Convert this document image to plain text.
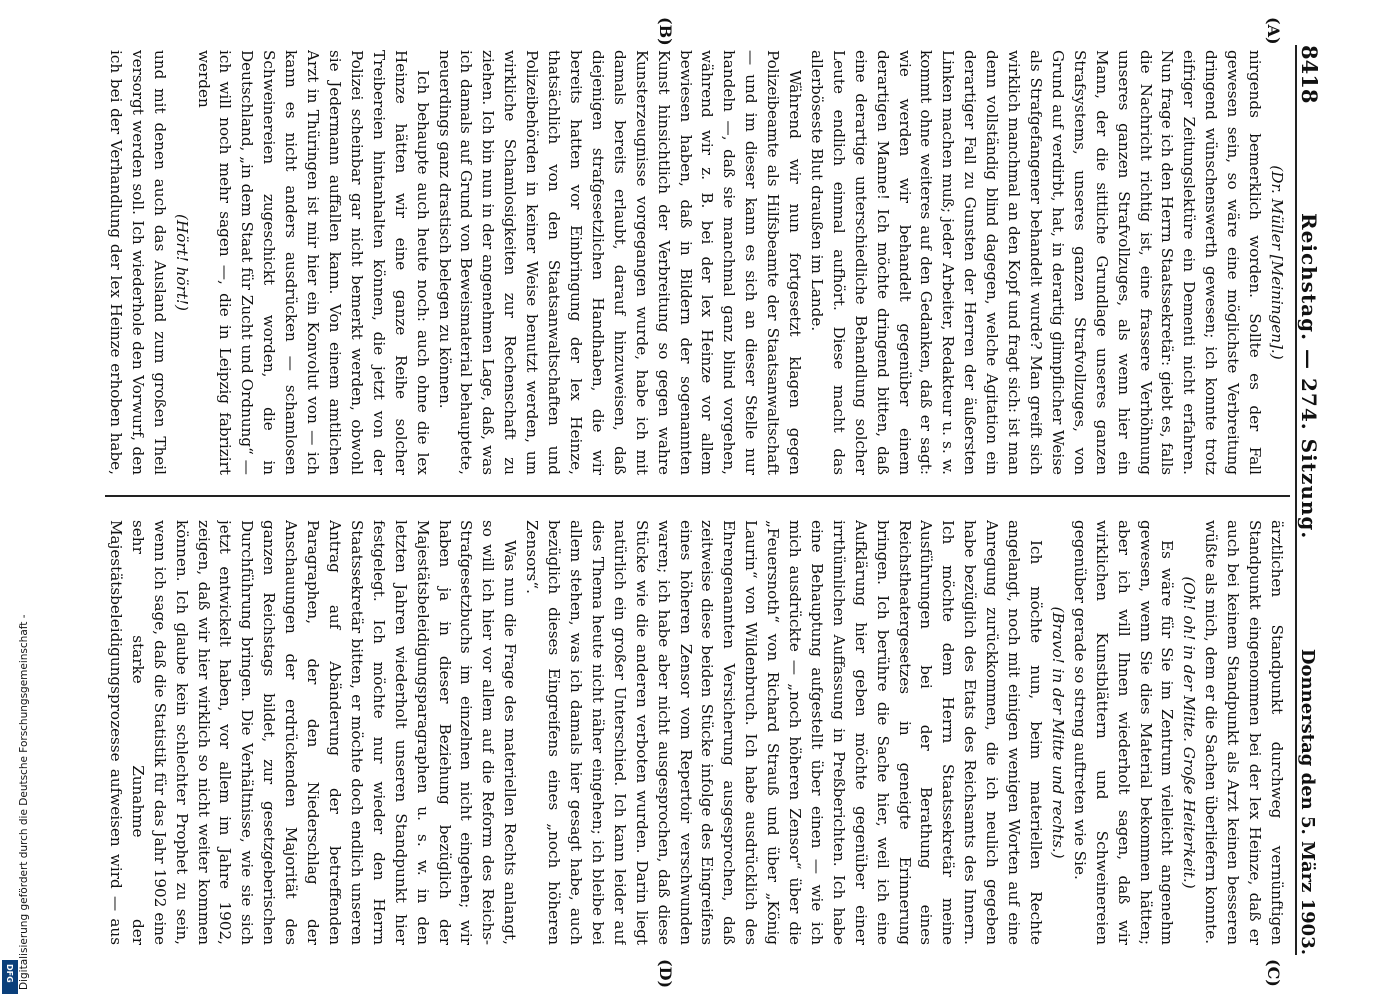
Digitalisierung gefördert durch die Deutsche Forschungsgemeinschaft -
DFG
8418
Reichstag. — 274. Sitzung.
Donnerstag den 5. März 1903.
(A)
(B)
(C)
(D)

(Dr. Müller [Meiningen].)

nirgends bemerklich worden. Sollte es der Fall gewesen sein, so wäre eine möglichste Verbreitung dringend wünschenswerth gewesen; ich konnte trotz eifriger Zeitungslektüre ein Dementi nicht erfahren. Nun frage ich den Herrn Staatssekretär: giebt es, falls die Nachricht richtig ist, eine frassere Verhöhnung unseres ganzen Strafvollzuges, als wenn hier ein Mann, der die sittliche Grundlage unseres ganzen Strafsystems, unseres ganzen Strafvollzuges, von Grund auf verdirbt, hat, in derartig glimpflicher Weise als Strafgefangener behandelt wurde? Man greift sich wirklich manchmal an den Kopf und fragt sich: ist man denn vollständig blind dagegen, welche Agitation ein derartiger Fall zu Gunsten der Herren der äußersten Linken machen muß; jeder Arbeiter, Redakteur u. s. w. kommt ohne weiteres auf den Gedanken, daß er sagt: wie werden wir behandelt gegenüber einem derartigen Manne! Ich möchte dringend bitten, daß eine derartige unterschiedliche Behandlung solcher Leute endlich einmal aufhört. Diese macht das allerböseste Blut draußen im Lande.

Während wir nun fortgesetzt klagen gegen Polizeibeamte als Hilfsbeamte der Staatsanwaltschaft — und im dieser kann es sich an dieser Stelle nur handeln —, daß sie manchmal ganz blind vorgehen, während wir z. B. bei der lex Heinze vor allem bewiesen haben, daß in Bildern der sogenannten Kunst hinsichtlich der Verbreitung so gegen wahre Kunsterzeugnisse vorgegangen wurde, habe ich mit damals bereits erlaubt, darauf hinzuweisen, daß diejenigen strafgesetzlichen Handhaben, die wir bereits hatten vor Einbringung der lex Heinze, thatsächlich von den Staatsanwaltschaften und Polizeibehörden in keiner Weise benutzt werden, um wirkliche Schamlosigkeiten zur Rechenschaft zu ziehen. Ich bin nun in der angenehmen Lage, daß, was ich damals auf Grund von Beweismaterial behauptete, neuerdings ganz drastisch belegen zu können.

Ich behaupte auch heute noch: auch ohne die lex Heinze hätten wir eine ganze Reihe solcher Treibereien hintanhalten können, die jetzt von der Polizei scheinbar gar nicht bemerkt werden, obwohl sie Jedermann auffallen kann. Von einem amtlichen Arzt in Thüringen ist mir hier ein Konvolut von — ich kann es nicht anders ausdrücken — schamlosen Schweinereien zugeschickt worden, die in Deutschland, „in dem Staat für Zucht und Ordnung“ — ich will noch mehr sagen —, die in Leipzig fabrizirt werden

(Hört! hört!)

und mit denen auch das Ausland zum großen Theil versorgt werden soll. Ich wiederhole den Vorwurf, den ich bei der Verhandlung der lex Heinze erhoben habe,

ärztlichen Standpunkt durchweg vernünftigen Standpunkt eingenommen bei der lex Heinze, daß er auch bei keinem Standpunkt als Arzt keinen besseren wüßte als mich, dem er die Sachen überliefern konnte.

(Oh! oh! in der Mitte. Große Heiterkeit.)

Es wäre für Sie im Zentrum vielleicht angenehm gewesen, wenn Sie dies Material bekommen hätten; aber ich will Ihnen wiederholt sagen, daß wir wirklichen Kunstblättern und Schweinereien gegenüber gerade so streng auftreten wie Sie.

(Bravo! in der Mitte und rechts.)

Ich möchte nun, beim materiellen Rechte angelangt, noch mit einigen wenigen Worten auf eine Anregung zurückkommen, die ich neulich gegeben habe bezüglich des Etats des Reichsamts des Innern. Ich möchte dem Herrn Staatssekretär meine Ausführungen bei der Berathung eines Reichstheatergesetzes in geneigte Erinnerung bringen. Ich berühre die Sache hier, weil ich eine Aufklärung hier geben möchte gegenüber einer irrthümlichen Auffassung in Preßberichten. Ich habe eine Behauptung aufgestellt über einen — wie ich mich ausdrückte — „noch höheren Zensor“ über die „Feuersnoth“ von Richard Strauß und über „König Laurin“ von Wildenbruch. Ich habe ausdrücklich des Ehrengenannten Versicherung ausgesprochen, daß zeitweise diese beiden Stücke infolge des Eingreifens eines höheren Zensor vom Repertoir verschwunden waren; ich habe aber nicht ausgesprochen, daß diese Stücke wie die anderen verboten wurden. Darin liegt natürlich ein großer Unterschied. Ich kann leider auf dies Thema heute nicht näher eingehen; ich bleibe bei allem stehen, was ich damals hier gesagt habe, auch bezüglich dieses Eingreifens eines „noch höheren Zensors“.

Was nun die Frage des materiellen Rechts anlangt, so will ich hier vor allem auf die Reform des Reichs-Strafgesetzbuchs im einzelnen nicht eingehen; wir haben ja in dieser Beziehung bezüglich der Majestätsbeleidigungsparagraphen u. s. w. in den letzten Jahren wiederholt unseren Standpunkt hier festgelegt. Ich möchte nur wieder den Herrn Staatssekretär bitten, er möchte doch endlich unseren Antrag auf Abänderung der betreffenden Paragraphen, der den Niederschlag der Anschauungen der erdrückenden Majorität des ganzen Reichstags bildet, zur gesetzgeberischen Durchführung bringen. Die Verhältnisse, wie sie sich jetzt entwickelt haben, vor allem im Jahre 1902, zeigen, daß wir hier wirklich so nicht weiter kommen können. Ich glaube kein schlechter Prophet zu sein, wenn ich sage, daß die Statistik für das Jahr 1902 eine sehr starke Zunahme der Majestätsbeleidigungsprozesse aufweisen wird — aus
